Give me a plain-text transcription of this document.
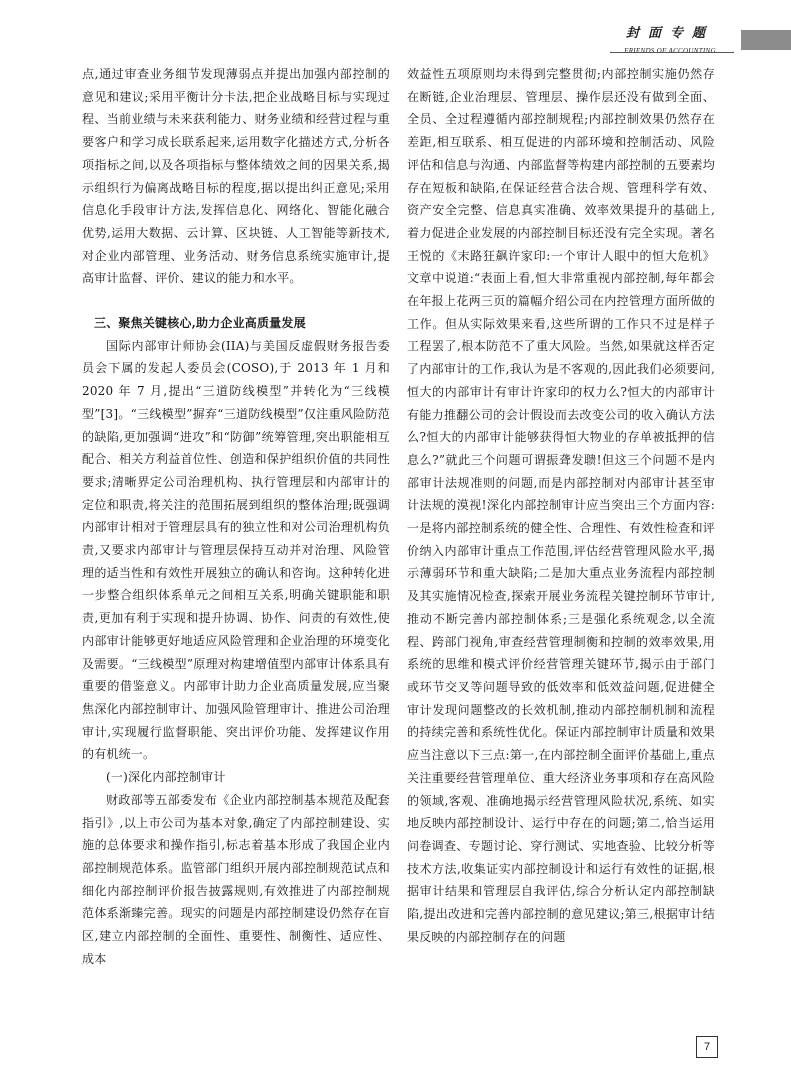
封面专题
FRIENDS OF ACCOUNTING

点,通过审查业务细节发现薄弱点并提出加强内部控制的意见和建议;采用平衡计分卡法,把企业战略目标与实现过程、当前业绩与未来获利能力、财务业绩和经营过程与重要客户和学习成长联系起来,运用数字化描述方式,分析各项指标之间,以及各项指标与整体绩效之间的因果关系,揭示组织行为偏离战略目标的程度,据以提出纠正意见;采用信息化手段审计方法,发挥信息化、网络化、智能化融合优势,运用大数据、云计算、区块链、人工智能等新技术,对企业内部管理、业务活动、财务信息系统实施审计,提高审计监督、评价、建议的能力和水平。

三、聚焦关键核心,助力企业高质量发展

国际内部审计师协会(IIA)与美国反虚假财务报告委员会下属的发起人委员会(COSO),于 2013 年 1 月和 2020 年 7 月,提出“三道防线模型”并转化为“三线模型”[3]。“三线模型”摒弃“三道防线模型”仅注重风险防范的缺陷,更加强调“进攻”和“防御”统筹管理,突出职能相互配合、相关方利益首位性、创造和保护组织价值的共同性要求;清晰界定公司治理机构、执行管理层和内部审计的定位和职责,将关注的范围拓展到组织的整体治理;既强调内部审计相对于管理层具有的独立性和对公司治理机构负责,又要求内部审计与管理层保持互动并对治理、风险管理的适当性和有效性开展独立的确认和咨询。这种转化进一步整合组织体系单元之间相互关系,明确关键职能和职责,更加有利于实现和提升协调、协作、问责的有效性,使内部审计能够更好地适应风险管理和企业治理的环境变化及需要。“三线模型”原理对构建增值型内部审计体系具有重要的借鉴意义。内部审计助力企业高质量发展,应当聚焦深化内部控制审计、加强风险管理审计、推进公司治理审计,实现履行监督职能、突出评价功能、发挥建议作用的有机统一。

(一)深化内部控制审计

财政部等五部委发布《企业内部控制基本规范及配套指引》,以上市公司为基本对象,确定了内部控制建设、实施的总体要求和操作指引,标志着基本形成了我国企业内部控制规范体系。监管部门组织开展内部控制规范试点和细化内部控制评价报告披露规则,有效推进了内部控制规范体系渐臻完善。现实的问题是内部控制建设仍然存在盲区,建立内部控制的全面性、重要性、制衡性、适应性、成本

效益性五项原则均未得到完整贯彻;内部控制实施仍然存在断链,企业治理层、管理层、操作层还没有做到全面、全员、全过程遵循内部控制规程;内部控制效果仍然存在差距,相互联系、相互促进的内部环境和控制活动、风险评估和信息与沟通、内部监督等构建内部控制的五要素均存在短板和缺陷,在保证经营合法合规、管理科学有效、资产安全完整、信息真实准确、效率效果提升的基础上,着力促进企业发展的内部控制目标还没有完全实现。著名王悦的《末路狂飙许家印:一个审计人眼中的恒大危机》文章中说道:“表面上看,恒大非常重视内部控制,每年都会在年报上花两三页的篇幅介绍公司在内控管理方面所做的工作。但从实际效果来看,这些所谓的工作只不过是样子工程罢了,根本防范不了重大风险。当然,如果就这样否定了内部审计的工作,我认为是不客观的,因此我们必须要问,恒大的内部审计有审计许家印的权力么?恒大的内部审计有能力推翻公司的会计假设而去改变公司的收入确认方法么?恒大的内部审计能够获得恒大物业的存单被抵押的信息么?”就此三个问题可谓振聋发聩!但这三个问题不是内部审计法规准则的问题,而是内部控制对内部审计甚至审计法规的漠视!深化内部控制审计应当突出三个方面内容:一是将内部控制系统的健全性、合理性、有效性检查和评价纳入内部审计重点工作范围,评估经营管理风险水平,揭示薄弱环节和重大缺陷;二是加大重点业务流程内部控制及其实施情况检查,探索开展业务流程关键控制环节审计,推动不断完善内部控制体系;三是强化系统观念,以全流程、跨部门视角,审查经营管理制衡和控制的效率效果,用系统的思维和模式评价经营管理关键环节,揭示由于部门或环节交叉等问题导致的低效率和低效益问题,促进健全审计发现问题整改的长效机制,推动内部控制机制和流程的持续完善和系统性优化。保证内部控制审计质量和效果应当注意以下三点:第一,在内部控制全面评价基础上,重点关注重要经营管理单位、重大经济业务事项和存在高风险的领域,客观、准确地揭示经营管理风险状况,系统、如实地反映内部控制设计、运行中存在的问题;第二,恰当运用问卷调查、专题讨论、穿行测试、实地查验、比较分析等技术方法,收集证实内部控制设计和运行有效性的证据,根据审计结果和管理层自我评估,综合分析认定内部控制缺陷,提出改进和完善内部控制的意见建议;第三,根据审计结果反映的内部控制存在的问题

7
